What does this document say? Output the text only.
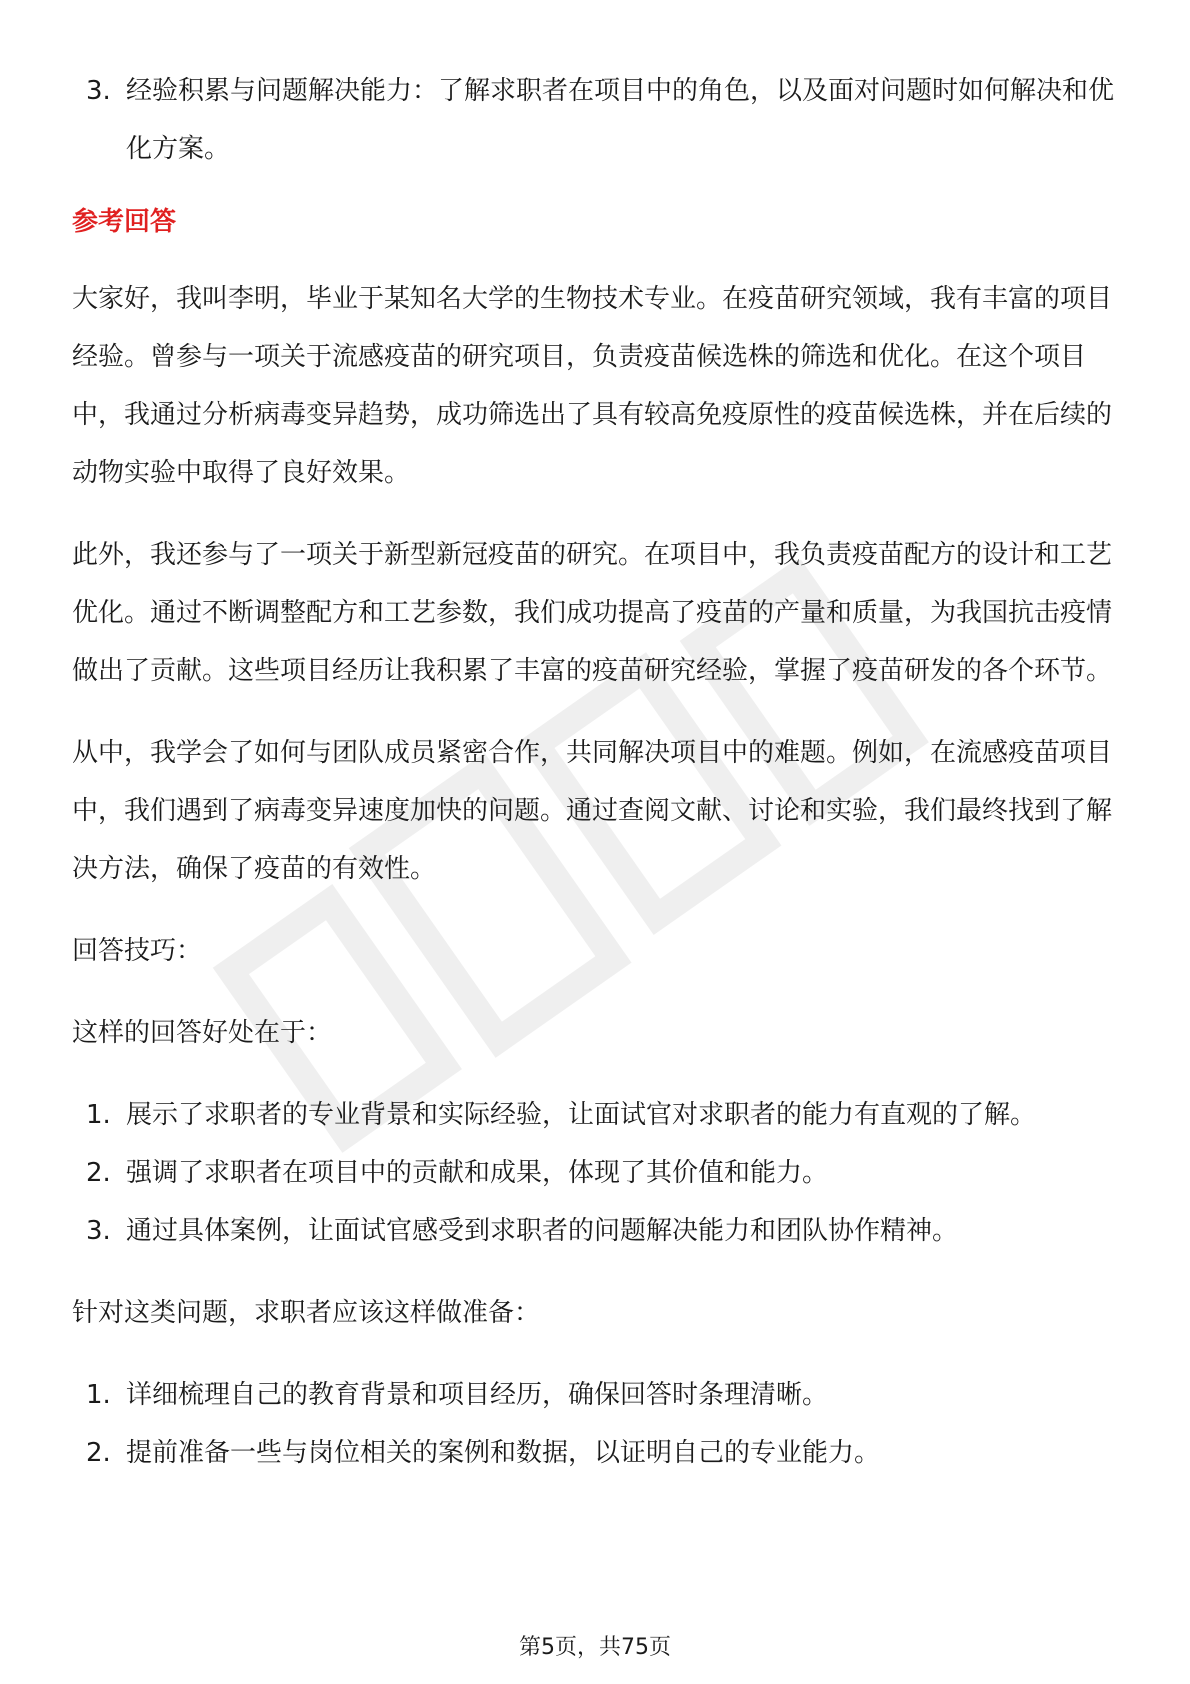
3. 经验积累与问题解决能力：了解求职者在项目中的角色，以及面对问题时如何解决和优化方案。
参考回答

大家好，我叫李明，毕业于某知名大学的生物技术专业。在疫苗研究领域，我有丰富的项目经验。曾参与一项关于流感疫苗的研究项目，负责疫苗候选株的筛选和优化。在这个项目中，我通过分析病毒变异趋势，成功筛选出了具有较高免疫原性的疫苗候选株，并在后续的动物实验中取得了良好效果。

此外，我还参与了一项关于新型新冠疫苗的研究。在项目中，我负责疫苗配方的设计和工艺优化。通过不断调整配方和工艺参数，我们成功提高了疫苗的产量和质量，为我国抗击疫情做出了贡献。这些项目经历让我积累了丰富的疫苗研究经验，掌握了疫苗研发的各个环节。

从中，我学会了如何与团队成员紧密合作，共同解决项目中的难题。例如，在流感疫苗项目中，我们遇到了病毒变异速度加快的问题。通过查阅文献、讨论和实验，我们最终找到了解决方法，确保了疫苗的有效性。

回答技巧：

这样的回答好处在于：

1. 展示了求职者的专业背景和实际经验，让面试官对求职者的能力有直观的了解。
2. 强调了求职者在项目中的贡献和成果，体现了其价值和能力。
3. 通过具体案例，让面试官感受到求职者的问题解决能力和团队协作精神。

针对这类问题，求职者应该这样做准备：

1. 详细梳理自己的教育背景和项目经历，确保回答时条理清晰。
2. 提前准备一些与岗位相关的案例和数据，以证明自己的专业能力。
第5页，共75页
